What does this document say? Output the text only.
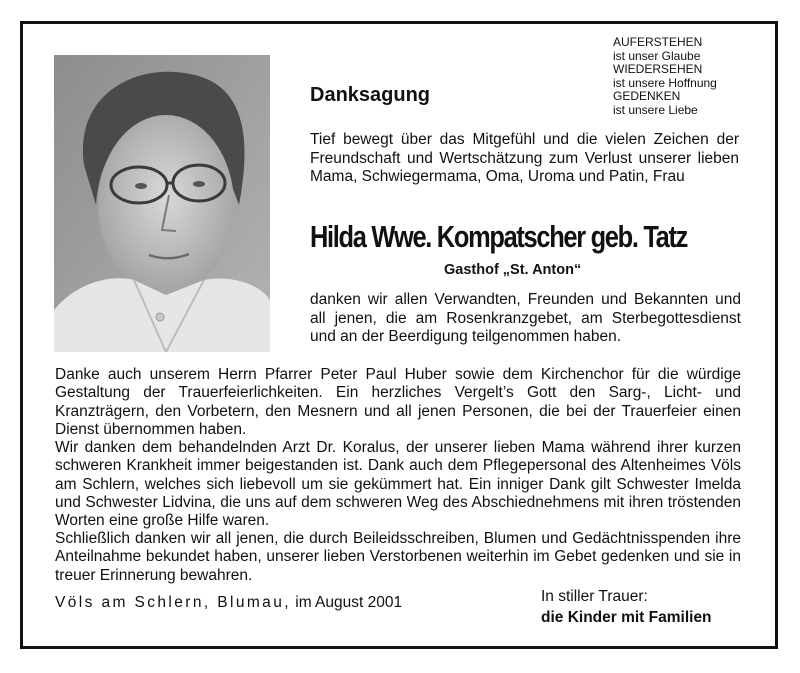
AUFERSTEHEN
ist unser Glaube
WIEDERSEHEN
ist unsere Hoffnung
GEDENKEN
ist unsere Liebe
Danksagung
Tief bewegt über das Mitgefühl und die vielen Zeichen der Freundschaft und Wertschätzung zum Verlust unserer lieben Mama, Schwiegermama, Oma, Uroma und Patin, Frau
Hilda Wwe. Kompatscher geb. Tatz
Gasthof „St. Anton“
danken wir allen Verwandten, Freunden und Bekannten und all jenen, die am Rosenkranzgebet, am Sterbegottesdienst und an der Beerdigung teilgenommen haben.

Danke auch unserem Herrn Pfarrer Peter Paul Huber sowie dem Kirchenchor für die würdige Gestaltung der Trauerfeierlichkeiten. Ein herzliches Vergelt’s Gott den Sarg-, Licht- und Kranzträgern, den Vorbetern, den Mesnern und all jenen Personen, die bei der Trauerfeier einen Dienst übernommen haben.

Wir danken dem behandelnden Arzt Dr. Koralus, der unserer lieben Mama während ihrer kurzen schweren Krankheit immer beigestanden ist. Dank auch dem Pflegepersonal des Altenheimes Völs am Schlern, welches sich liebevoll um sie gekümmert hat. Ein inniger Dank gilt Schwester Imelda und Schwester Lidvina, die uns auf dem schweren Weg des Abschiednehmens mit ihren tröstenden Worten eine große Hilfe waren.

Schließlich danken wir all jenen, die durch Beileidsschreiben, Blumen und Gedächtnisspenden ihre Anteilnahme bekundet haben, unserer lieben Verstorbenen weiterhin im Gebet gedenken und sie in treuer Erinnerung bewahren.

Völs am Schlern, Blumau, im August 2001	In stiller Trauer:
die Kinder mit Familien
